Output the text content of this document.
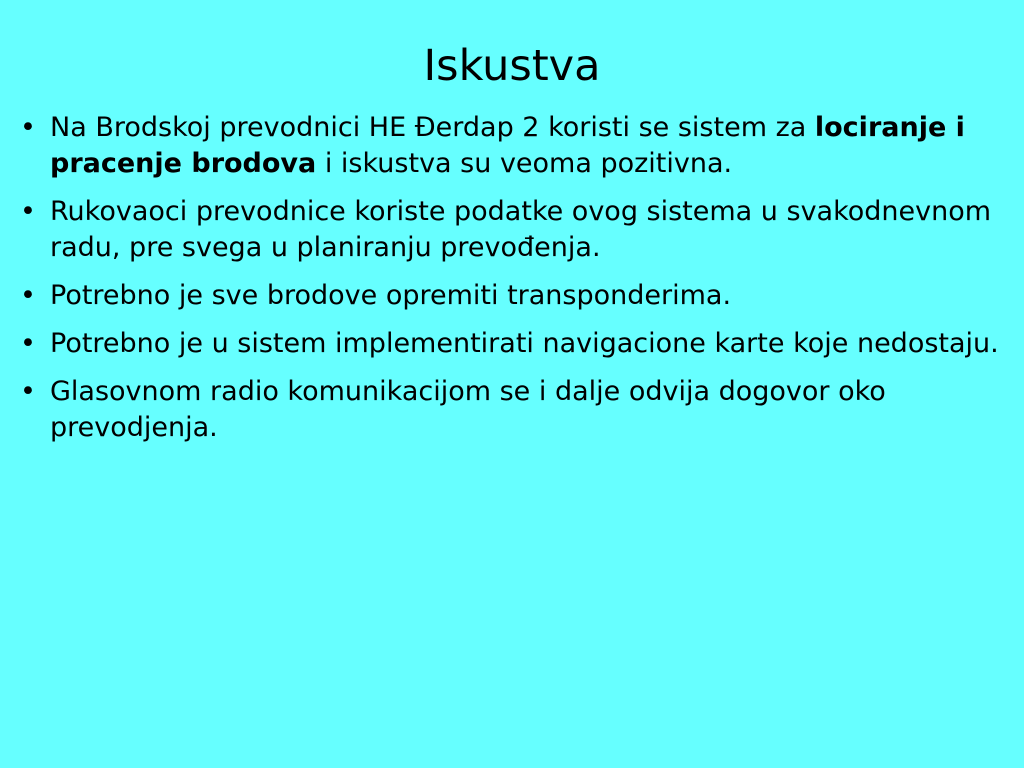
Iskustva
• Na Brodskoj prevodnici HE Đerdap 2 koristi se sistem za lociranje i pracenje brodova i iskustva su veoma pozitivna.
• Rukovaoci prevodnice koriste podatke ovog sistema u svakodnevnom radu, pre svega u planiranju prevođenja.
• Potrebno je sve brodove opremiti transponderima.
• Potrebno je u sistem implementirati navigacione karte koje nedostaju.
• Glasovnom radio komunikacijom se i dalje odvija dogovor oko prevodjenja.
